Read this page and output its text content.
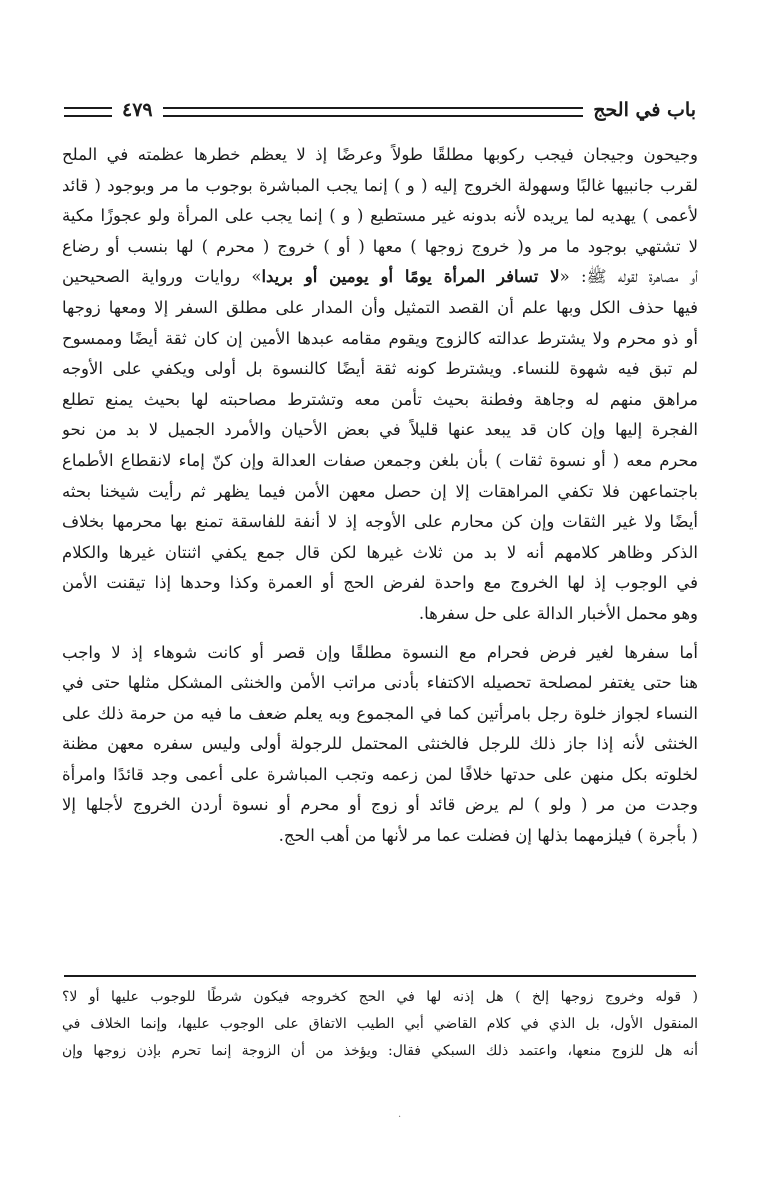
باب في الحج
٤٧٩
وجيحون وجيجان فيجب ركوبها مطلقًا طولاً وعرضًا إذ لا يعظم خطرها عظمته في الملح
لقرب جانبيها غالبًا وسهولة الخروج إليه ( و ) إنما يجب المباشرة بوجوب ما مر وبوجود ( قائد
لأعمى ) يهديه لما يريده لأنه بدونه غير مستطيع ( و ) إنما يجب على المرأة ولو عجوزًا مكية
لا تشتهي بوجود ما مر و( خروج زوجها ) معها ( أو ) خروج ( محرم ) لها بنسب أو رضاع
أو مصاهرة لقوله ﷺ: «لا تسافر المرأة يومًا أو يومين أو بريدا» روايات ورواية الصحيحين
فيها حذف الكل وبها علم أن القصد التمثيل وأن المدار على مطلق السفر إلا ومعها زوجها
أو ذو محرم ولا يشترط عدالته كالزوج ويقوم مقامه عبدها الأمين إن كان ثقة أيضًا وممسوح
لم تبق فيه شهوة للنساء. ويشترط كونه ثقة أيضًا كالنسوة بل أولى ويكفي على الأوجه
مراهق منهم له وجاهة وفطنة بحيث تأمن معه وتشترط مصاحبته لها بحيث يمنع تطلع
الفجرة إليها وإن كان قد يبعد عنها قليلاً في بعض الأحيان والأمرد الجميل لا بد من نحو
محرم معه ( أو نسوة ثقات ) بأن بلغن وجمعن صفات العدالة وإن كنّ إماء لانقطاع الأطماع
باجتماعهن فلا تكفي المراهقات إلا إن حصل معهن الأمن فيما يظهر ثم رأيت شيخنا بحثه
أيضًا ولا غير الثقات وإن كن محارم على الأوجه إذ لا أنفة للفاسقة تمنع بها محرمها بخلاف
الذكر وظاهر كلامهم أنه لا بد من ثلاث غيرها لكن قال جمع يكفي اثنتان غيرها والكلام
في الوجوب إذ لها الخروج مع واحدة لفرض الحج أو العمرة وكذا وحدها إذا تيقنت الأمن
وهو محمل الأخبار الدالة على حل سفرها.
أما سفرها لغير فرض فحرام مع النسوة مطلقًا وإن قصر أو كانت شوهاء إذ لا واجب
هنا حتى يغتفر لمصلحة تحصيله الاكتفاء بأدنى مراتب الأمن والخنثى المشكل مثلها حتى في
النساء لجواز خلوة رجل بامرأتين كما في المجموع وبه يعلم ضعف ما فيه من حرمة ذلك على
الخنثى لأنه إذا جاز ذلك للرجل فالخنثى المحتمل للرجولة أولى وليس سفره معهن مظنة
لخلوته بكل منهن على حدتها خلافًا لمن زعمه وتجب المباشرة على أعمى وجد قائدًا وامرأة
وجدت من مر ( ولو ) لم يرض قائد أو زوج أو محرم أو نسوة أردن الخروج لأجلها إلا
( بأجرة ) فيلزمهما بذلها إن فضلت عما مر لأنها من أهب الحج.
( قوله وخروج زوجها إلخ ) هل إذنه لها في الحج كخروجه فيكون شرطًا للوجوب عليها أو لا؟
المنقول الأول، بل الذي في كلام القاضي أبي الطيب الاتفاق على الوجوب عليها، وإنما الخلاف في
أنه هل للزوج منعها، واعتمد ذلك السبكي فقال: ويؤخذ من أن الزوجة إنما تحرم بإذن زوجها وإن
·
